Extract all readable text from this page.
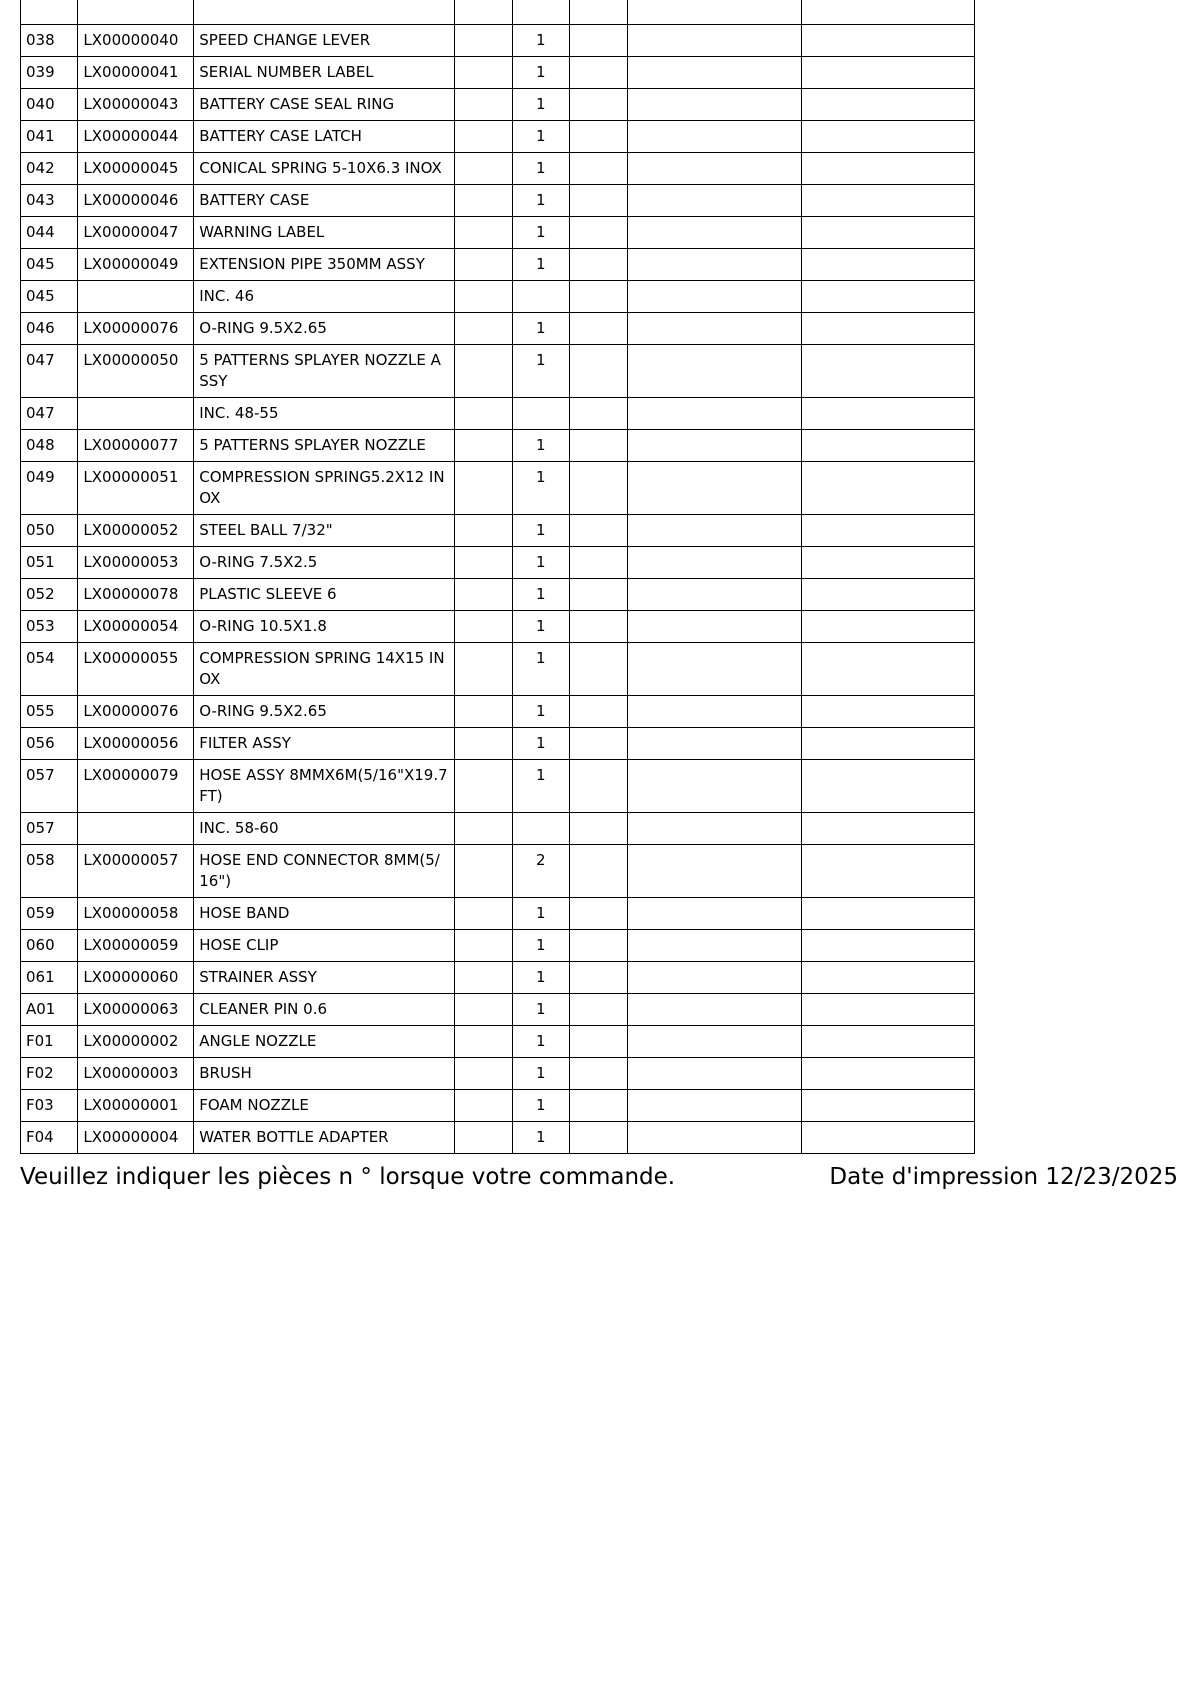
038	LX00000040	SPEED CHANGE LEVER		1			
039	LX00000041	SERIAL NUMBER LABEL		1			
040	LX00000043	BATTERY CASE SEAL RING		1			
041	LX00000044	BATTERY CASE LATCH		1			
042	LX00000045	CONICAL SPRING 5-10X6.3 INOX		1			
043	LX00000046	BATTERY CASE		1			
044	LX00000047	WARNING LABEL		1			
045	LX00000049	EXTENSION PIPE 350MM ASSY		1			
045		INC. 46					
046	LX00000076	O-RING 9.5X2.65		1			
047	LX00000050	5 PATTERNS SPLAYER NOZZLE ASSY		1			
047		INC. 48-55					
048	LX00000077	5 PATTERNS SPLAYER NOZZLE		1			
049	LX00000051	COMPRESSION SPRING5.2X12 INOX		1			
050	LX00000052	STEEL BALL 7/32"		1			
051	LX00000053	O-RING 7.5X2.5		1			
052	LX00000078	PLASTIC SLEEVE 6		1			
053	LX00000054	O-RING 10.5X1.8		1			
054	LX00000055	COMPRESSION SPRING 14X15 INOX		1			
055	LX00000076	O-RING 9.5X2.65		1			
056	LX00000056	FILTER ASSY		1			
057	LX00000079	HOSE ASSY 8MMX6M(5/16"X19.7FT)		1			
057		INC. 58-60					
058	LX00000057	HOSE END CONNECTOR 8MM(5/16")		2			
059	LX00000058	HOSE BAND		1			
060	LX00000059	HOSE CLIP		1			
061	LX00000060	STRAINER ASSY		1			
A01	LX00000063	CLEANER PIN 0.6		1			
F01	LX00000002	ANGLE NOZZLE		1			
F02	LX00000003	BRUSH		1			
F03	LX00000001	FOAM NOZZLE		1			
F04	LX00000004	WATER BOTTLE ADAPTER		1			
Veuillez indiquer les pièces n ° lorsque votre commande.	Date d'impression 12/23/2025
